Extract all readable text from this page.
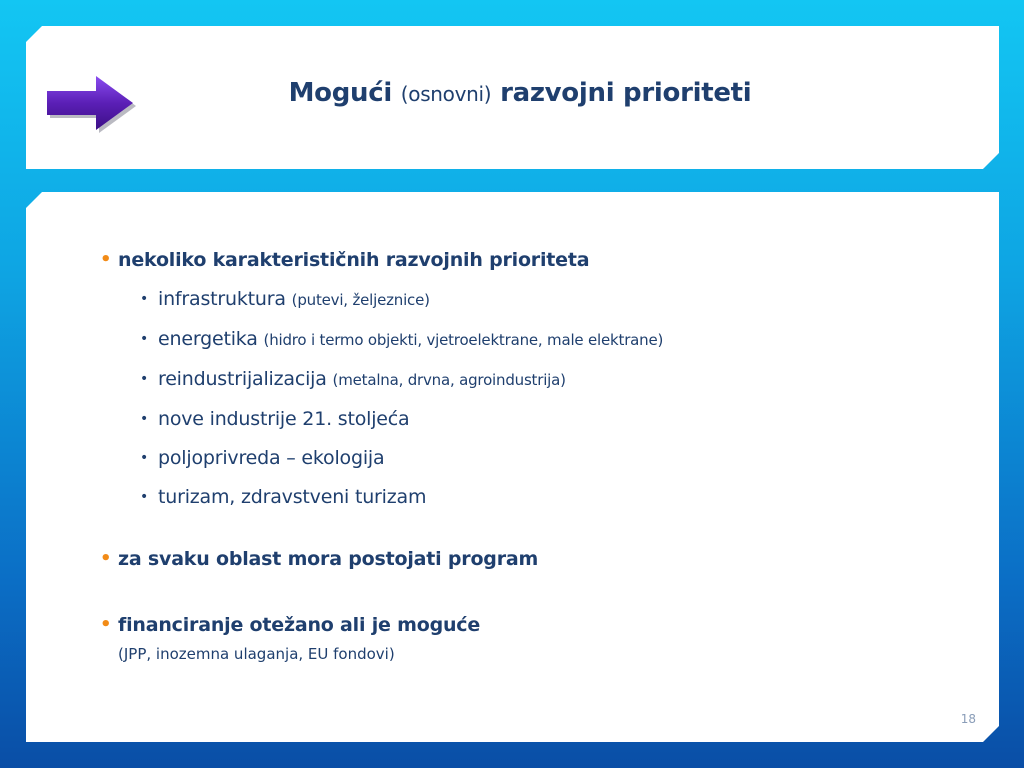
Mogući (osnovni) razvojni prioriteti
• nekoliko karakterističnih razvojnih prioriteta
• infrastruktura (putevi, željeznice)
• energetika (hidro i termo objekti, vjetroelektrane, male elektrane)
• reindustrijalizacija (metalna, drvna, agroindustrija)
• nove industrije 21. stoljeća
• poljoprivreda – ekologija
• turizam, zdravstveni turizam
• za svaku oblast mora postojati program
• financiranje otežano ali je moguće
(JPP, inozemna ulaganja, EU fondovi)
18
